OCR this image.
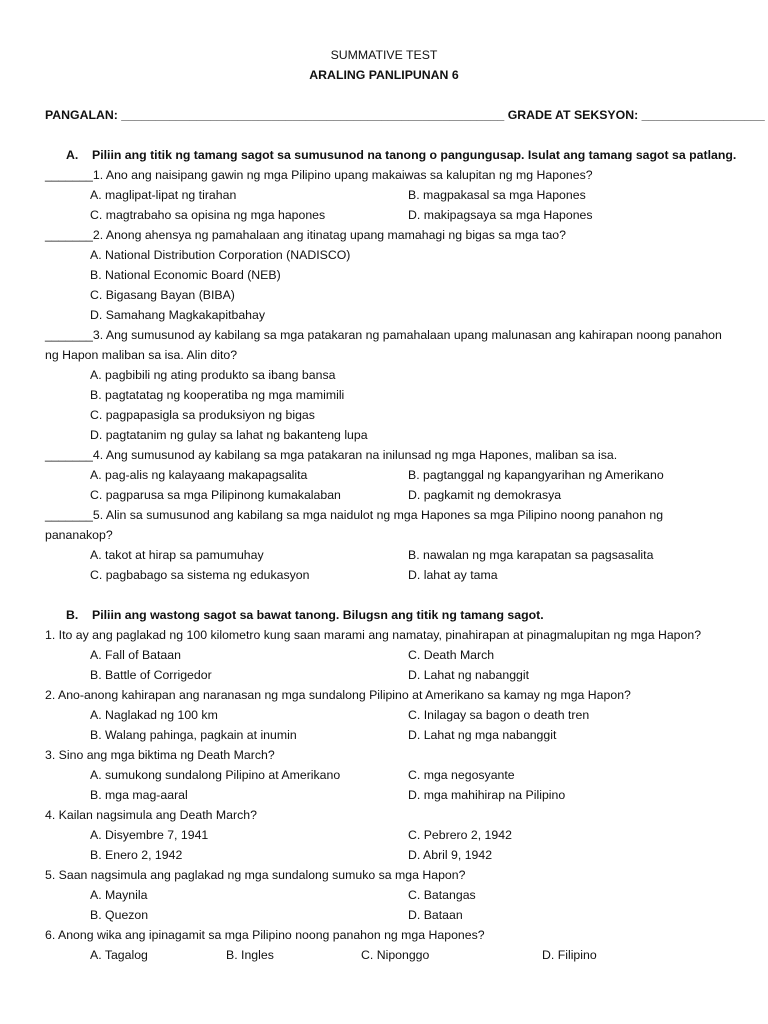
SUMMATIVE TEST
ARALING PANLIPUNAN 6
PANGALAN: ________________________________________________________ GRADE AT SEKSYON: __________________
A. Piliin ang titik ng tamang sagot sa sumusunod na tanong o pangungusap. Isulat ang tamang sagot sa patlang.
_______1. Ano ang naisipang gawin ng mga Pilipino upang makaiwas sa kalupitan ng mg Hapones?
A. maglipat-lipat ng tirahan	B. magpakasal sa mga Hapones
C. magtrabaho sa opisina ng mga hapones	D. makipagsaya sa mga Hapones
_______2. Anong ahensya ng pamahalaan ang itinatag upang mamahagi ng bigas sa mga tao?
A. National Distribution Corporation (NADISCO)
B. National Economic Board (NEB)
C. Bigasang Bayan (BIBA)
D. Samahang Magkakapitbahay
_______3. Ang sumusunod ay kabilang sa mga patakaran ng pamahalaan upang malunasan ang kahirapan noong panahon ng Hapon maliban sa isa. Alin dito?
A. pagbibili ng ating produkto sa ibang bansa
B. pagtatatag ng kooperatiba ng mga mamimili
C. pagpapasigla sa produksiyon ng bigas
D. pagtatanim ng gulay sa lahat ng bakanteng lupa
_______4. Ang sumusunod ay kabilang sa mga patakaran na inilunsad ng mga Hapones, maliban sa isa.
A. pag-alis ng kalayaang makapagsalita	B. pagtanggal ng kapangyarihan ng Amerikano
C. pagparusa sa mga Pilipinong kumakalaban	D. pagkamit ng demokrasya
_______5. Alin sa sumusunod ang kabilang sa mga naidulot ng mga Hapones sa mga Pilipino noong panahon ng pananakop?
A. takot at hirap sa pamumuhay	B. nawalan ng mga karapatan sa pagsasalita
C. pagbabago sa sistema ng edukasyon	D. lahat ay tama
B. Piliin ang wastong sagot sa bawat tanong. Bilugsn ang titik ng tamang sagot.
1. Ito ay ang paglakad ng 100 kilometro kung saan marami ang namatay, pinahirapan at pinagmalupitan ng mga Hapon?
A. Fall of Bataan	C. Death March
B. Battle of Corrigedor	D. Lahat ng nabanggit
2. Ano-anong kahirapan ang naranasan ng mga sundalong Pilipino at Amerikano sa kamay ng mga Hapon?
A. Naglakad ng 100 km	C. Inilagay sa bagon o death tren
B. Walang pahinga, pagkain at inumin	D. Lahat ng mga nabanggit
3. Sino ang mga biktima ng Death March?
A. sumukong sundalong Pilipino at Amerikano	C. mga negosyante
B. mga mag-aaral	D. mga mahihirap na Pilipino
4. Kailan nagsimula ang Death March?
A. Disyembre 7, 1941	C. Pebrero 2, 1942
B. Enero 2, 1942	D. Abril 9, 1942
5. Saan nagsimula ang paglakad ng mga sundalong sumuko sa mga Hapon?
A. Maynila	C. Batangas
B. Quezon	D. Bataan
6. Anong wika ang ipinagamit sa mga Pilipino noong panahon ng mga Hapones?
A. Tagalog	B. Ingles	C. Niponggo	D. Filipino
